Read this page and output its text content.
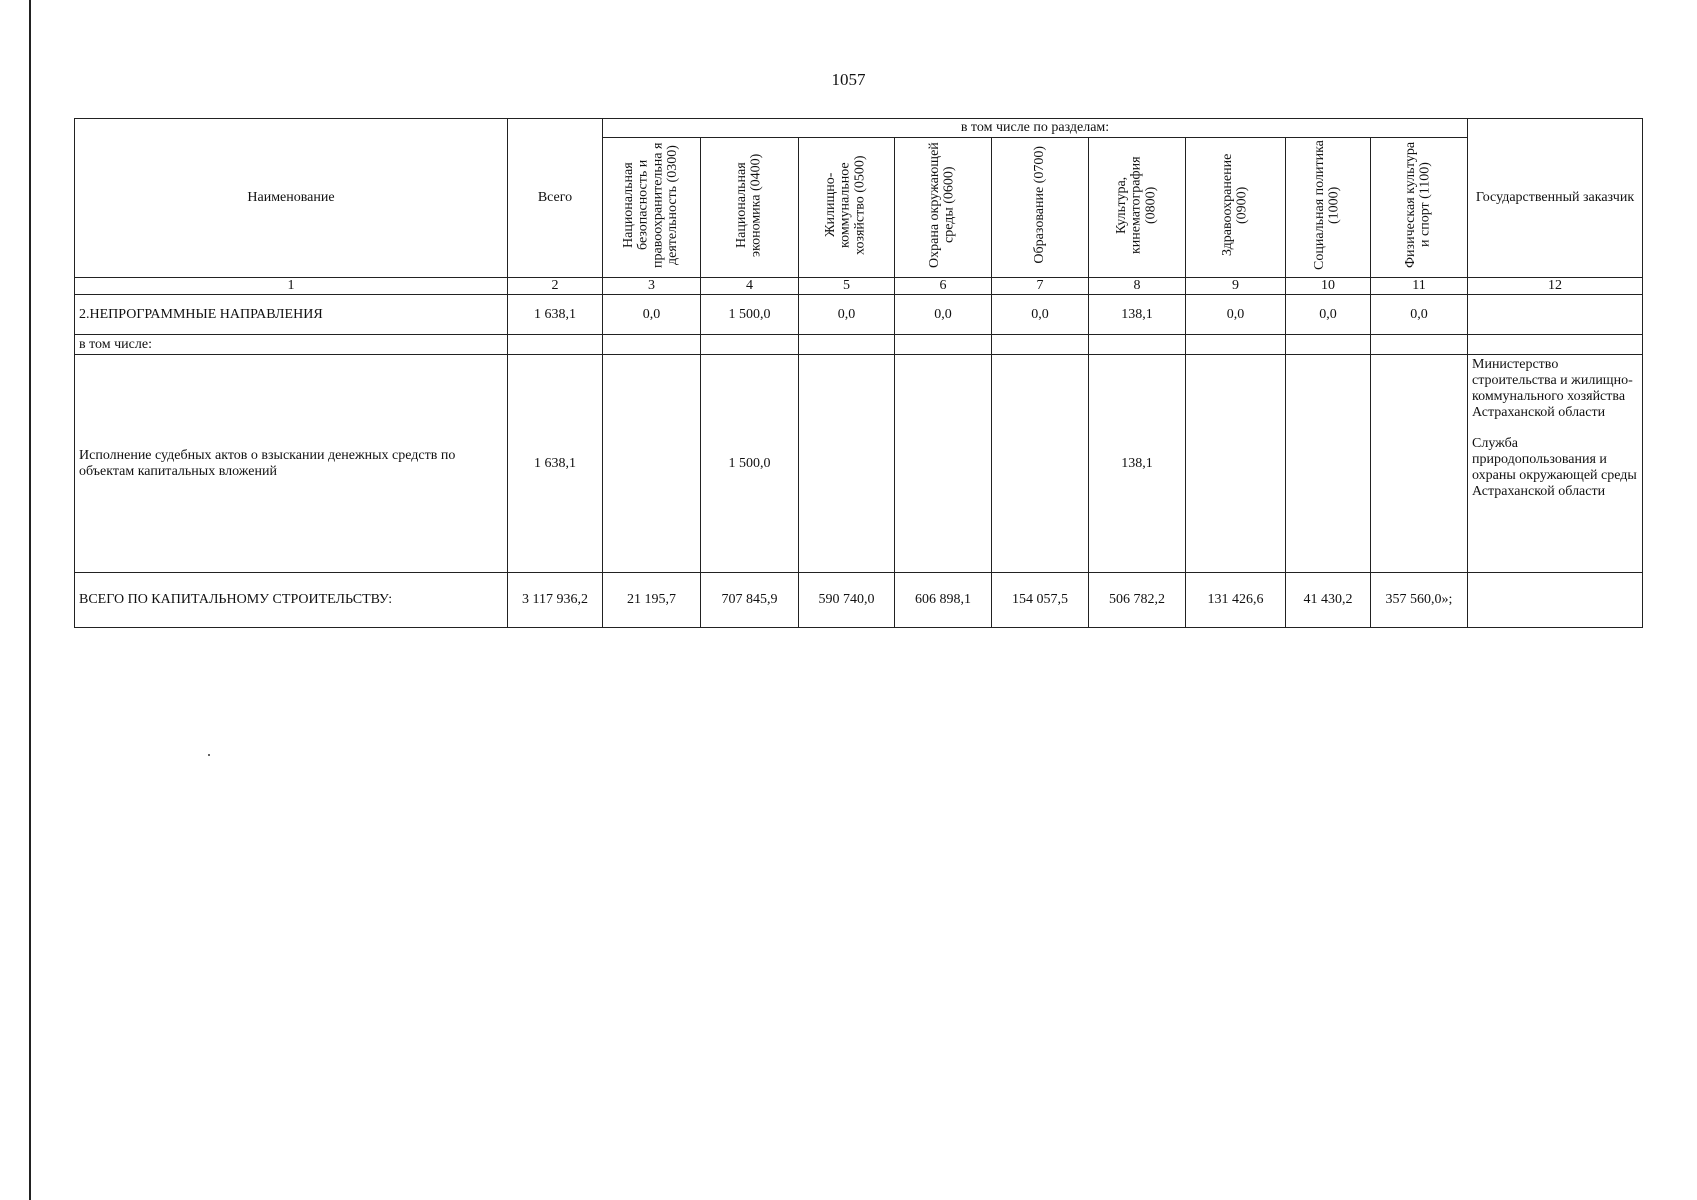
1057
Наименование	Всего	в том числе по разделам:									Государственный заказчик
		Национальная безопасность и правоохранительна я деятельность (0300)	Национальная экономика (0400)	Жилищно-коммунальное хозяйство (0500)	Охрана окружающей среды (0600)	Образование (0700)	Культура, кинематография (0800)	Здравоохранение (0900)	Социальная политика (1000)	Физическая культура и спорт (1100)	
1	2	3	4	5	6	7	8	9	10	11	12
2.НЕПРОГРАММНЫЕ НАПРАВЛЕНИЯ	1 638,1	0,0	1 500,0	0,0	0,0	0,0	138,1	0,0	0,0	0,0	
в том числе:											
Исполнение судебных актов о взыскании денежных средств по объектам капитальных вложений	1 638,1		1 500,0				138,1				Министерство строительства и жилищно-коммунального хозяйства Астраханской области

Служба природопользования и охраны окружающей среды Астраханской области

ВСЕГО ПО КАПИТАЛЬНОМУ СТРОИТЕЛЬСТВУ:	3 117 936,2	21 195,7	707 845,9	590 740,0	606 898,1	154 057,5	506 782,2	131 426,6	41 430,2	357 560,0»;	
